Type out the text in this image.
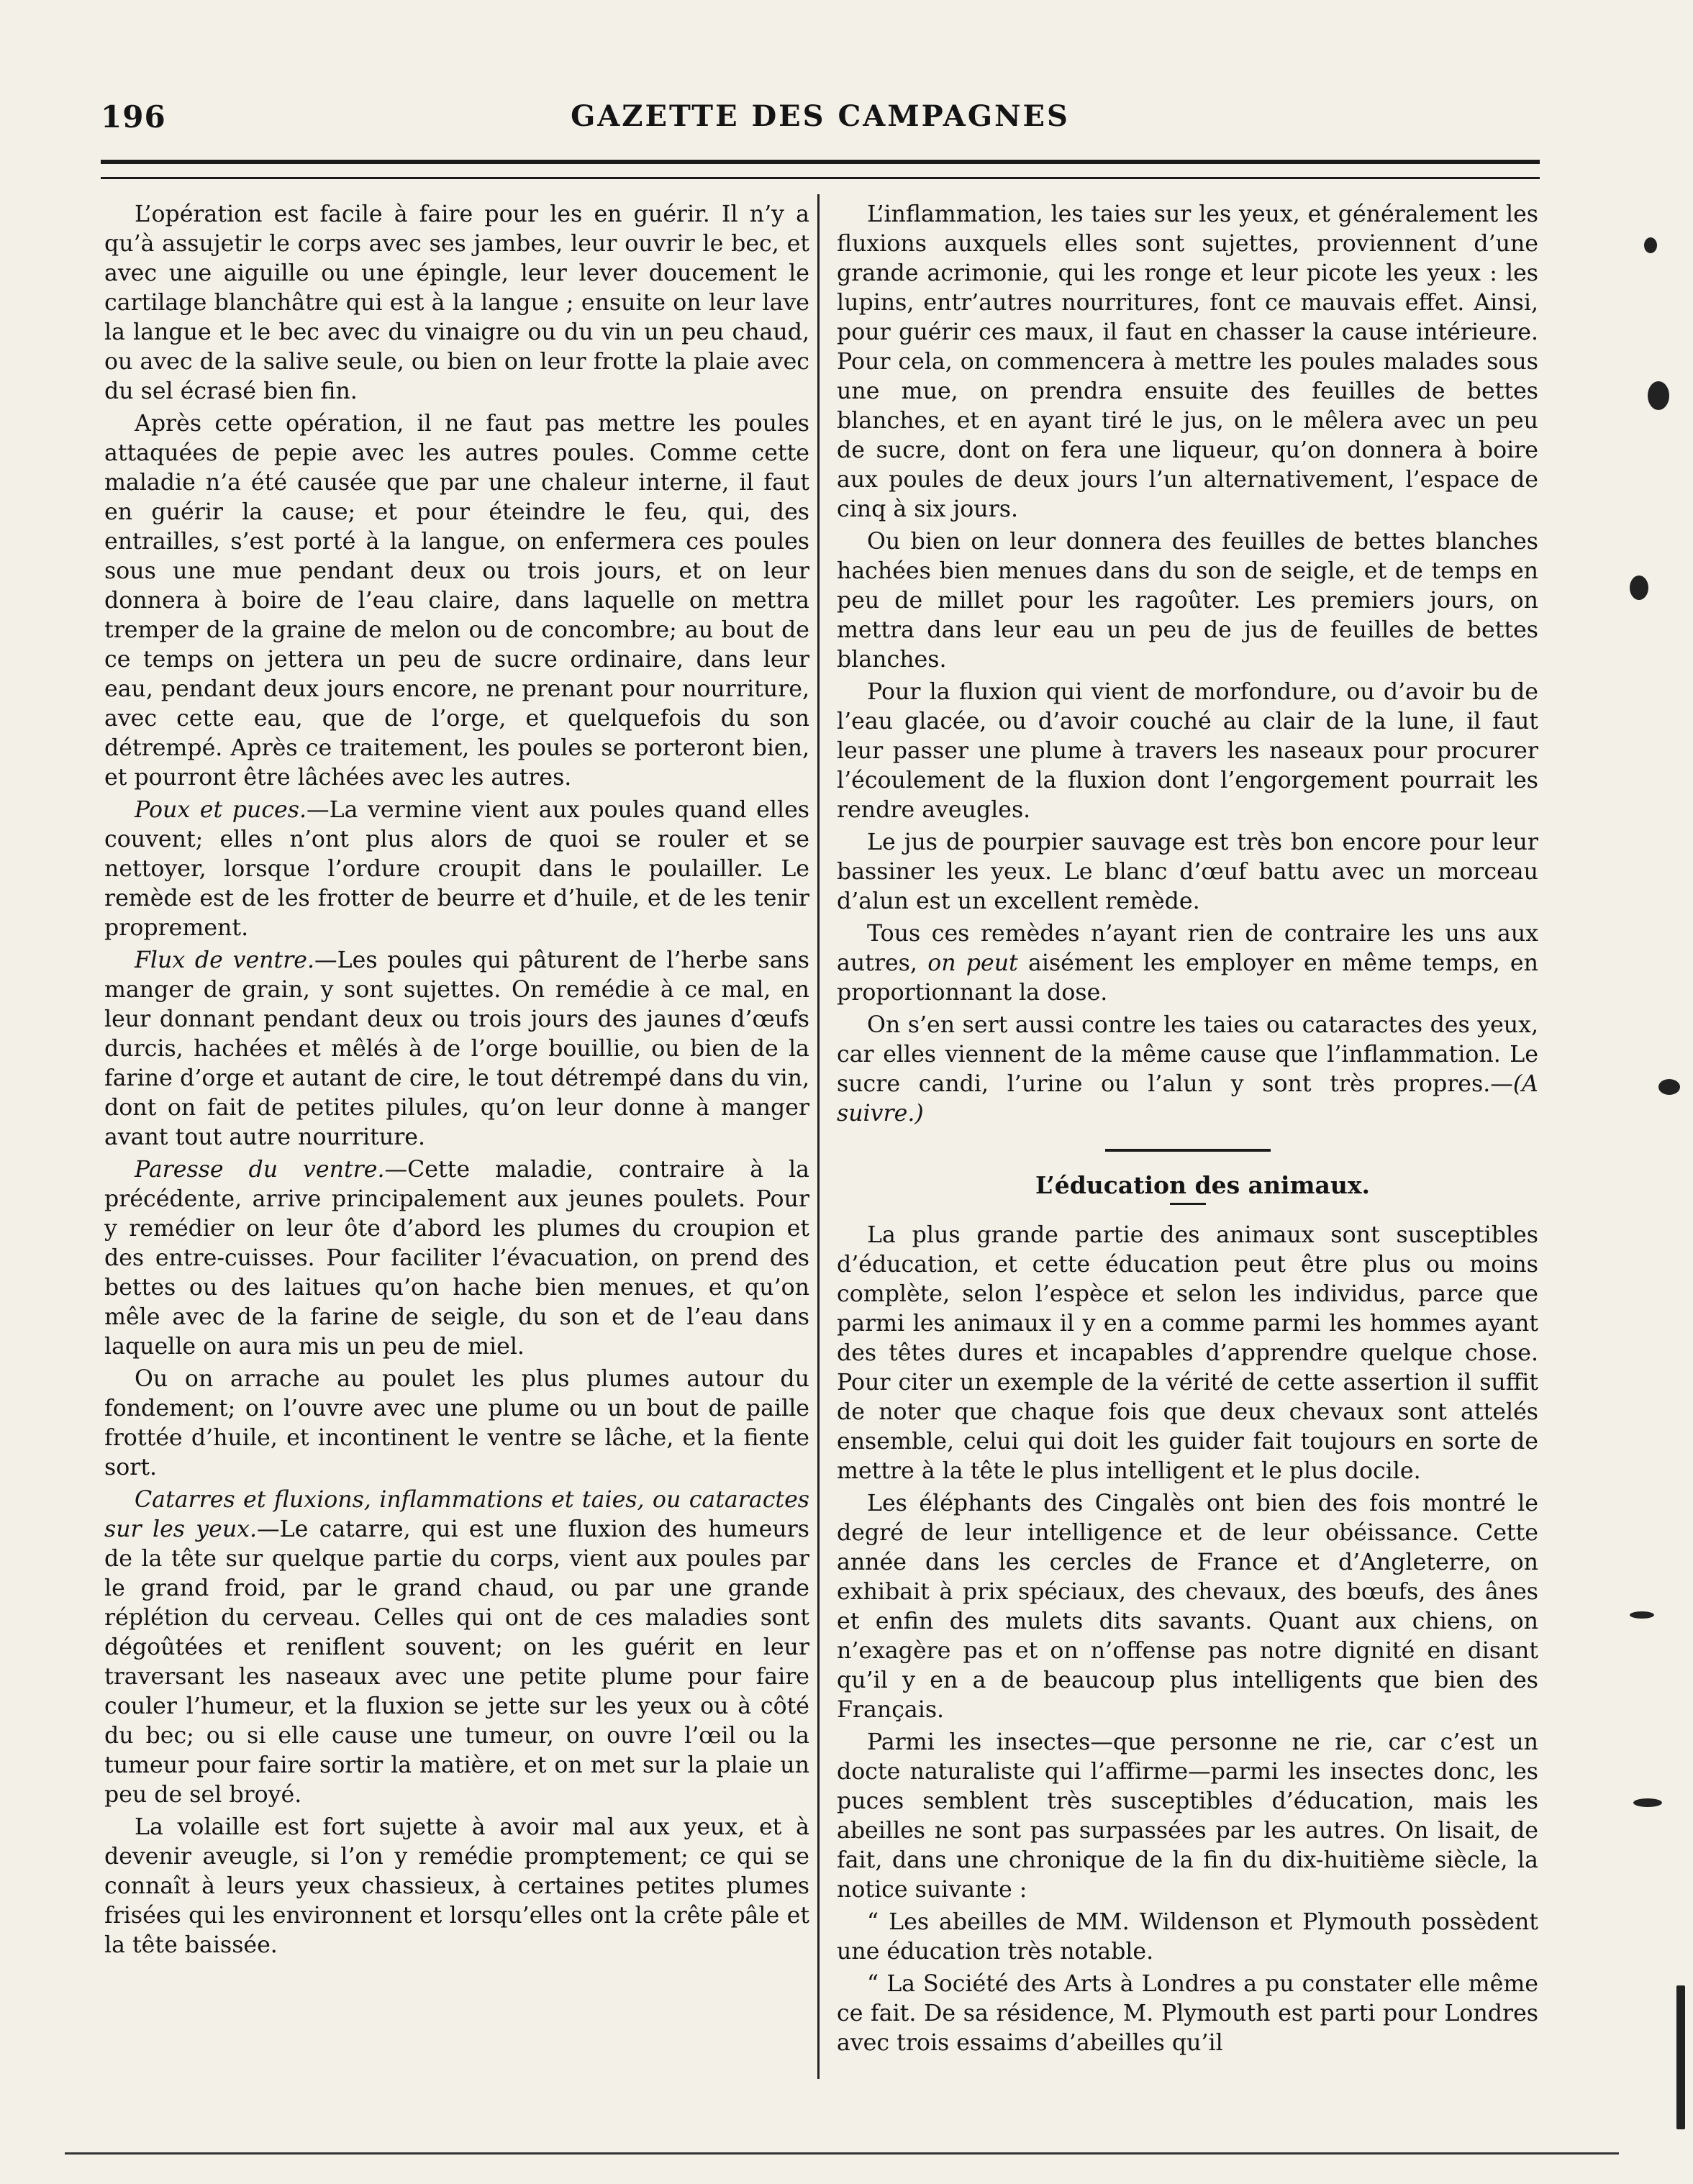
196	GAZETTE DES CAMPAGNES

L’opération est facile à faire pour les en guérir. Il n’y a qu’à assujetir le corps avec ses jambes, leur ouvrir le bec, et avec une aiguille ou une épingle, leur lever doucement le cartilage blanchâtre qui est à la langue ; ensuite on leur lave la langue et le bec avec du vinaigre ou du vin un peu chaud, ou avec de la salive seule, ou bien on leur frotte la plaie avec du sel écrasé bien fin.

Après cette opération, il ne faut pas mettre les poules attaquées de pepie avec les autres poules. Comme cette maladie n’a été causée que par une chaleur interne, il faut en guérir la cause; et pour éteindre le feu, qui, des entrailles, s’est porté à la langue, on enfermera ces poules sous une mue pendant deux ou trois jours, et on leur donnera à boire de l’eau claire, dans laquelle on mettra tremper de la graine de melon ou de concombre; au bout de ce temps on jettera un peu de sucre ordinaire, dans leur eau, pendant deux jours encore, ne prenant pour nourriture, avec cette eau, que de l’orge, et quelquefois du son détrempé. Après ce traitement, les poules se porteront bien, et pourront être lâchées avec les autres.

Poux et puces.—La vermine vient aux poules quand elles couvent; elles n’ont plus alors de quoi se rouler et se nettoyer, lorsque l’ordure croupit dans le poulailler. Le remède est de les frotter de beurre et d’huile, et de les tenir proprement.

Flux de ventre.—Les poules qui pâturent de l’herbe sans manger de grain, y sont sujettes. On remédie à ce mal, en leur donnant pendant deux ou trois jours des jaunes d’œufs durcis, hachées et mêlés à de l’orge bouillie, ou bien de la farine d’orge et autant de cire, le tout détrempé dans du vin, dont on fait de petites pilules, qu’on leur donne à manger avant tout autre nourriture.

Paresse du ventre.—Cette maladie, contraire à la précédente, arrive principalement aux jeunes poulets. Pour y remédier on leur ôte d’abord les plumes du croupion et des entre-cuisses. Pour faciliter l’évacuation, on prend des bettes ou des laitues qu’on hache bien menues, et qu’on mêle avec de la farine de seigle, du son et de l’eau dans laquelle on aura mis un peu de miel.

Ou on arrache au poulet les plus plumes autour du fondement; on l’ouvre avec une plume ou un bout de paille frottée d’huile, et incontinent le ventre se lâche, et la fiente sort.

Catarres et fluxions, inflammations et taies, ou cataractes sur les yeux.—Le catarre, qui est une fluxion des humeurs de la tête sur quelque partie du corps, vient aux poules par le grand froid, par le grand chaud, ou par une grande réplétion du cerveau. Celles qui ont de ces maladies sont dégoûtées et reniflent souvent; on les guérit en leur traversant les naseaux avec une petite plume pour faire couler l’humeur, et la fluxion se jette sur les yeux ou à côté du bec; ou si elle cause une tumeur, on ouvre l’œil ou la tumeur pour faire sortir la matière, et on met sur la plaie un peu de sel broyé.

La volaille est fort sujette à avoir mal aux yeux, et à devenir aveugle, si l’on y remédie promptement; ce qui se connaît à leurs yeux chassieux, à certaines petites plumes frisées qui les environnent et lorsqu’elles ont la crête pâle et la tête baissée.

L’inflammation, les taies sur les yeux, et généralement les fluxions auxquels elles sont sujettes, proviennent d’une grande acrimonie, qui les ronge et leur picote les yeux : les lupins, entr’autres nourritures, font ce mauvais effet. Ainsi, pour guérir ces maux, il faut en chasser la cause intérieure. Pour cela, on commencera à mettre les poules malades sous une mue, on prendra ensuite des feuilles de bettes blanches, et en ayant tiré le jus, on le mêlera avec un peu de sucre, dont on fera une liqueur, qu’on donnera à boire aux poules de deux jours l’un alternativement, l’espace de cinq à six jours.

Ou bien on leur donnera des feuilles de bettes blanches hachées bien menues dans du son de seigle, et de temps en peu de millet pour les ragoûter. Les premiers jours, on mettra dans leur eau un peu de jus de feuilles de bettes blanches.

Pour la fluxion qui vient de morfondure, ou d’avoir bu de l’eau glacée, ou d’avoir couché au clair de la lune, il faut leur passer une plume à travers les naseaux pour procurer l’écoulement de la fluxion dont l’engorgement pourrait les rendre aveugles.

Le jus de pourpier sauvage est très bon encore pour leur bassiner les yeux. Le blanc d’œuf battu avec un morceau d’alun est un excellent remède.

Tous ces remèdes n’ayant rien de contraire les uns aux autres, on peut aisément les employer en même temps, en proportionnant la dose.

On s’en sert aussi contre les taies ou cataractes des yeux, car elles viennent de la même cause que l’inflammation. Le sucre candi, l’urine ou l’alun y sont très propres.—(A suivre.)

L’éducation des animaux.

La plus grande partie des animaux sont susceptibles d’éducation, et cette éducation peut être plus ou moins complète, selon l’espèce et selon les individus, parce que parmi les animaux il y en a comme parmi les hommes ayant des têtes dures et incapables d’apprendre quelque chose. Pour citer un exemple de la vérité de cette assertion il suffit de noter que chaque fois que deux chevaux sont attelés ensemble, celui qui doit les guider fait toujours en sorte de mettre à la tête le plus intelligent et le plus docile.

Les éléphants des Cingalès ont bien des fois montré le degré de leur intelligence et de leur obéissance. Cette année dans les cercles de France et d’Angleterre, on exhibait à prix spéciaux, des chevaux, des bœufs, des ânes et enfin des mulets dits savants. Quant aux chiens, on n’exagère pas et on n’offense pas notre dignité en disant qu’il y en a de beaucoup plus intelligents que bien des Français.

Parmi les insectes—que personne ne rie, car c’est un docte naturaliste qui l’affirme—parmi les insectes donc, les puces semblent très susceptibles d’éducation, mais les abeilles ne sont pas surpassées par les autres. On lisait, de fait, dans une chronique de la fin du dix-huitième siècle, la notice suivante :

“ Les abeilles de MM. Wildenson et Plymouth possèdent une éducation très notable.

“ La Société des Arts à Londres a pu constater elle même ce fait. De sa résidence, M. Plymouth est parti pour Londres avec trois essaims d’abeilles qu’il
